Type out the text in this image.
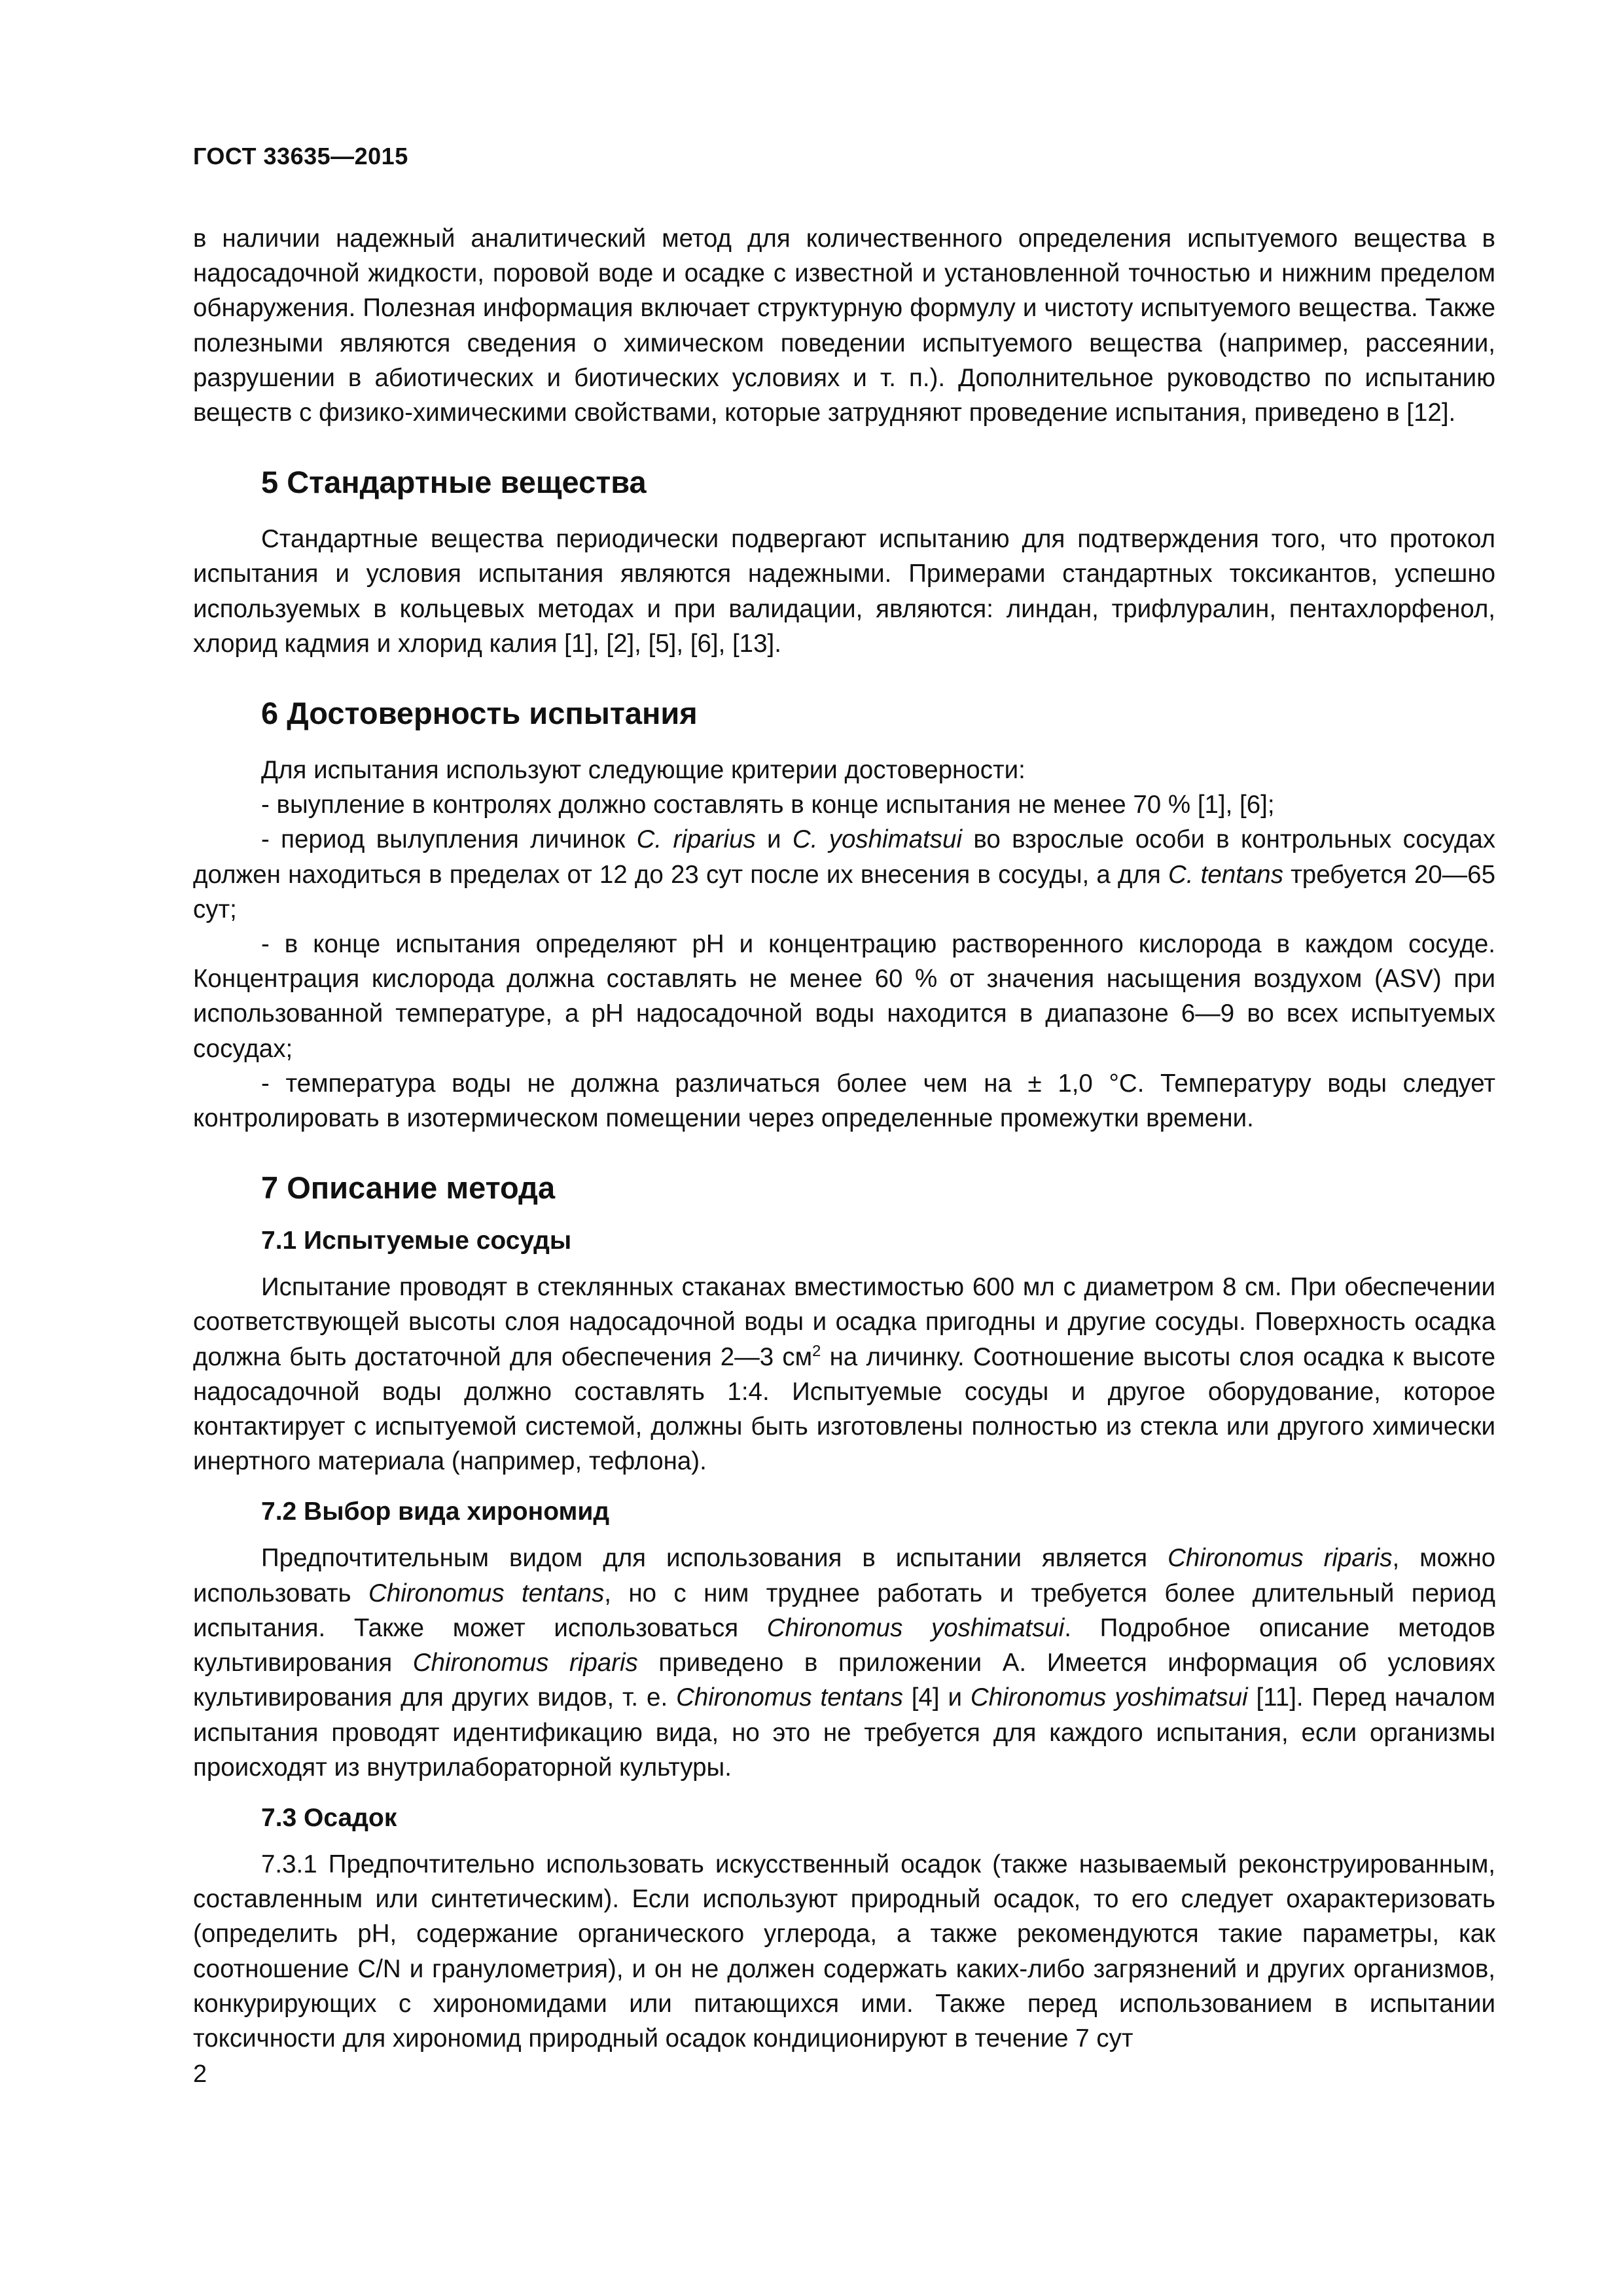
ГОСТ 33635—2015

в наличии надежный аналитический метод для количественного определения испытуемого вещества в надосадочной жидкости, поровой воде и осадке с известной и установленной точностью и нижним пределом обнаружения. Полезная информация включает структурную формулу и чистоту испытуемого вещества. Также полезными являются сведения о химическом поведении испытуемого вещества (например, рассеянии, разрушении в абиотических и биотических условиях и т. п.). Дополнительное руководство по испытанию веществ с физико-химическими свойствами, которые затрудняют проведение испытания, приведено в [12].

5 Стандартные вещества

Стандартные вещества периодически подвергают испытанию для подтверждения того, что протокол испытания и условия испытания являются надежными. Примерами стандартных токсикантов, успешно используемых в кольцевых методах и при валидации, являются: линдан, трифлуралин, пентахлорфенол, хлорид кадмия и хлорид калия [1], [2], [5], [6], [13].

6 Достоверность испытания

Для испытания используют следующие критерии достоверности:

- выупление в контролях должно составлять в конце испытания не менее 70 % [1], [6];

- период вылупления личинок C. riparius и C. yoshimatsui во взрослые особи в контрольных сосудах должен находиться в пределах от 12 до 23 сут после их внесения в сосуды, а для C. tentans требуется 20—65 сут;

- в конце испытания определяют pH и концентрацию растворенного кислорода в каждом сосуде. Концентрация кислорода должна составлять не менее 60 % от значения насыщения воздухом (ASV) при использованной температуре, а pH надосадочной воды находится в диапазоне 6—9 во всех испытуемых сосудах;

- температура воды не должна различаться более чем на ± 1,0 °С. Температуру воды следует контролировать в изотермическом помещении через определенные промежутки времени.

7 Описание метода
7.1 Испытуемые сосуды

Испытание проводят в стеклянных стаканах вместимостью 600 мл с диаметром 8 см. При обеспечении соответствующей высоты слоя надосадочной воды и осадка пригодны и другие сосуды. Поверхность осадка должна быть достаточной для обеспечения 2—3 $см^2$ на личинку. Соотношение высоты слоя осадка к высоте надосадочной воды должно составлять 1:4. Испытуемые сосуды и другое оборудование, которое контактирует с испытуемой системой, должны быть изготовлены полностью из стекла или другого химически инертного материала (например, тефлона).

7.2 Выбор вида хирономид

Предпочтительным видом для использования в испытании является Chironomus riparis, можно использовать Chironomus tentans, но с ним труднее работать и требуется более длительный период испытания. Также может использоваться Chironomus yoshimatsui. Подробное описание методов культивирования Chironomus riparis приведено в приложении А. Имеется информация об условиях культивирования для других видов, т. е. Chironomus tentans [4] и Chironomus yoshimatsui [11]. Перед началом испытания проводят идентификацию вида, но это не требуется для каждого испытания, если организмы происходят из внутрилабораторной культуры.

7.3 Осадок

7.3.1 Предпочтительно использовать искусственный осадок (также называемый реконструированным, составленным или синтетическим). Если используют природный осадок, то его следует охарактеризовать (определить pH, содержание органического углерода, а также рекомендуются такие параметры, как соотношение C/N и гранулометрия), и он не должен содержать каких-либо загрязнений и других организмов, конкурирующих с хирономидами или питающихся ими. Также перед использованием в испытании токсичности для хирономид природный осадок кондиционируют в течение 7 сут

2
